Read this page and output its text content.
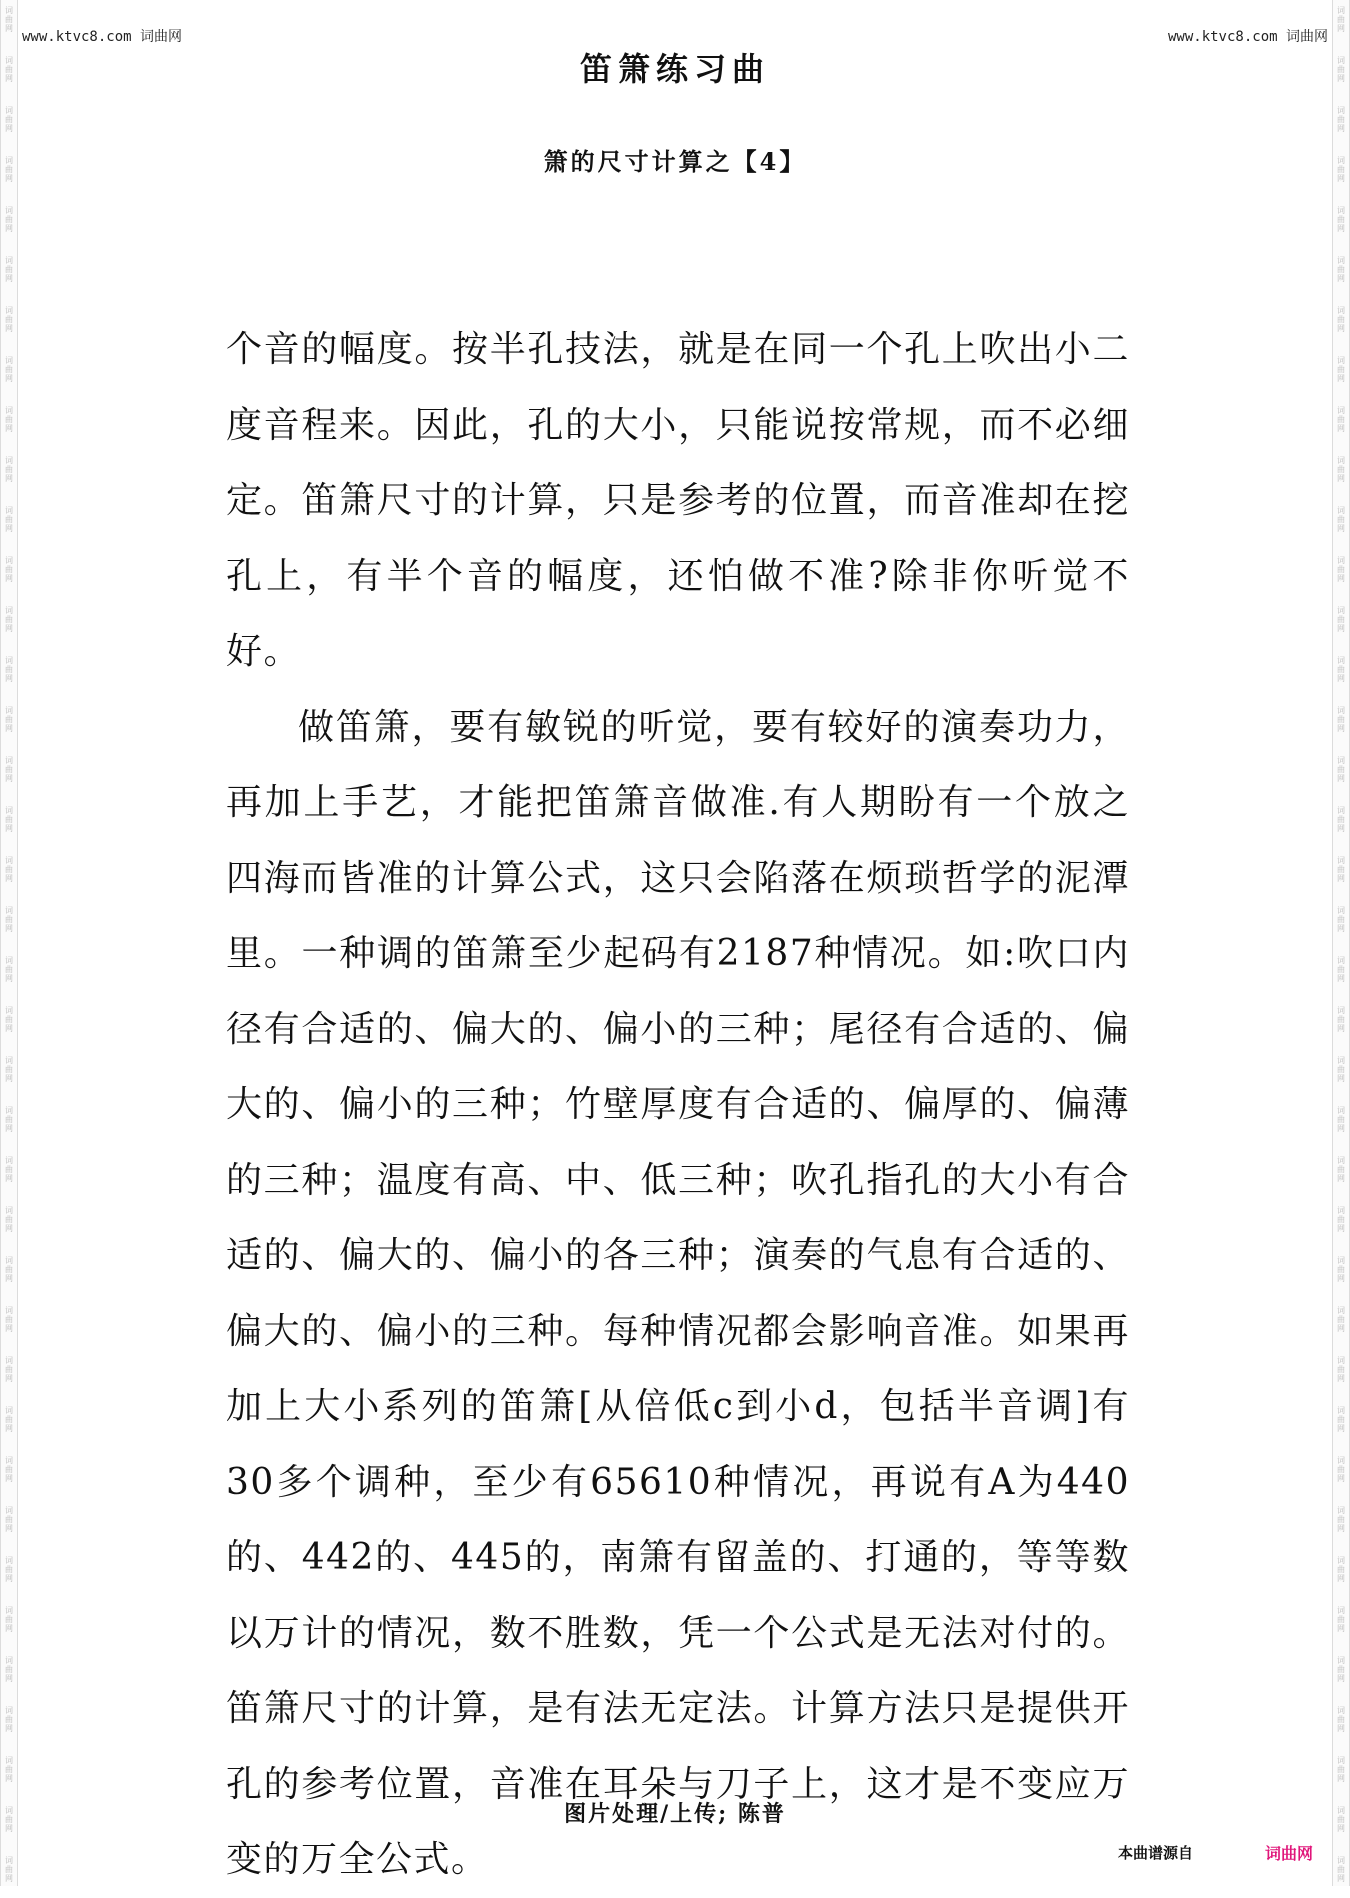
词曲网
词曲网
词曲网
词曲网
词曲网
词曲网
词曲网
词曲网
词曲网
词曲网
词曲网
词曲网
词曲网
词曲网
词曲网
词曲网
词曲网
词曲网
词曲网
词曲网
词曲网
词曲网
词曲网
词曲网
词曲网
词曲网
词曲网
词曲网
词曲网
词曲网
词曲网
词曲网
词曲网
词曲网
词曲网
词曲网
词曲网
词曲网
词曲网
词曲网
词曲网
词曲网
词曲网
词曲网
词曲网
词曲网
词曲网
词曲网
词曲网
词曲网
词曲网
词曲网
词曲网
词曲网
词曲网
词曲网
词曲网
词曲网
词曲网
词曲网
词曲网
词曲网
词曲网
词曲网
词曲网
词曲网
词曲网
词曲网
词曲网
词曲网
词曲网
词曲网
词曲网
词曲网
词曲网
词曲网
www.ktvc8.com 词曲网	www.ktvc8.com 词曲网
笛箫练习曲
箫的尺寸计算之【4】

个音的幅度。按半孔技法，就是在同一个孔上吹出小二度音程来。因此，孔的大小，只能说按常规，而不必细定。笛箫尺寸的计算，只是参考的位置，而音准却在挖孔上，有半个音的幅度，还怕做不准?除非你听觉不好。

做笛箫，要有敏锐的听觉，要有较好的演奏功力，再加上手艺，才能把笛箫音做准.有人期盼有一个放之四海而皆准的计算公式，这只会陷落在烦琐哲学的泥潭里。一种调的笛箫至少起码有2187种情况。如:吹口内径有合适的、偏大的、偏小的三种；尾径有合适的、偏大的、偏小的三种；竹壁厚度有合适的、偏厚的、偏薄的三种；温度有高、中、低三种；吹孔指孔的大小有合适的、偏大的、偏小的各三种；演奏的气息有合适的、偏大的、偏小的三种。每种情况都会影响音准。如果再加上大小系列的笛箫[从倍低c到小d，包括半音调]有30多个调种，至少有65610种情况，再说有A为440的、442的、445的，南箫有留盖的、打通的，等等数以万计的情况，数不胜数，凭一个公式是无法对付的。笛箫尺寸的计算，是有法无定法。计算方法只是提供开孔的参考位置，音准在耳朵与刀子上，这才是不变应万变的万全公式。

图片处理/上传; 陈普
本曲谱源自	词曲网
